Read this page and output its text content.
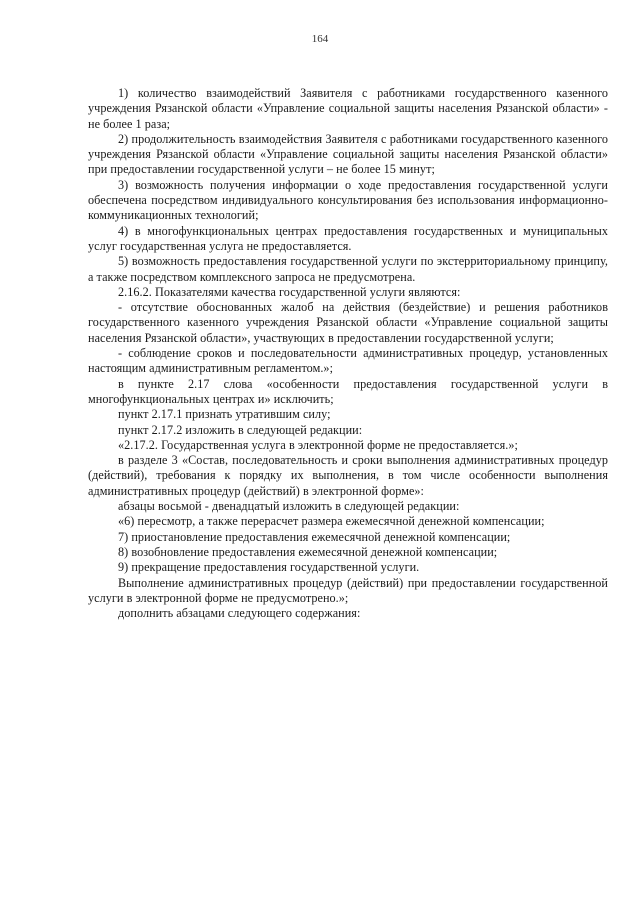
164

1) количество взаимодействий Заявителя с работниками государственного казенного учреждения Рязанской области «Управление социальной защиты населения Рязанской области» - не более 1 раза;

2) продолжительность взаимодействия Заявителя с работниками государственного казенного учреждения Рязанской области «Управление социальной защиты населения Рязанской области» при предоставлении государственной услуги – не более 15 минут;

3) возможность получения информации о ходе предоставления государственной услуги обеспечена посредством индивидуального консультирования без использования информационно-коммуникационных технологий;

4) в многофункциональных центрах предоставления государственных и муниципальных услуг государственная услуга не предоставляется.

5) возможность предоставления государственной услуги по экстерриториальному принципу, а также посредством комплексного запроса не предусмотрена.

2.16.2. Показателями качества государственной услуги являются:

- отсутствие обоснованных жалоб на действия (бездействие) и решения работников государственного казенного учреждения Рязанской области «Управление социальной защиты населения Рязанской области», участвующих в предоставлении государственной услуги;

- соблюдение сроков и последовательности административных процедур, установленных настоящим административным регламентом.»;

в пункте 2.17 слова «особенности предоставления государственной услуги в многофункциональных центрах и» исключить;

пункт 2.17.1 признать утратившим силу;

пункт 2.17.2 изложить в следующей редакции:

«2.17.2. Государственная услуга в электронной форме не предоставляется.»;

в разделе 3 «Состав, последовательность и сроки выполнения административных процедур (действий), требования к порядку их выполнения, в том числе особенности выполнения административных процедур (действий) в электронной форме»:

абзацы восьмой - двенадцатый изложить в следующей редакции:

«6) пересмотр, а также перерасчет размера ежемесячной денежной компенсации;

7) приостановление предоставления ежемесячной денежной компенсации;

8) возобновление предоставления ежемесячной денежной компенсации;

9) прекращение предоставления государственной услуги.

Выполнение административных процедур (действий) при предоставлении государственной услуги в электронной форме не предусмотрено.»;

дополнить абзацами следующего содержания:
